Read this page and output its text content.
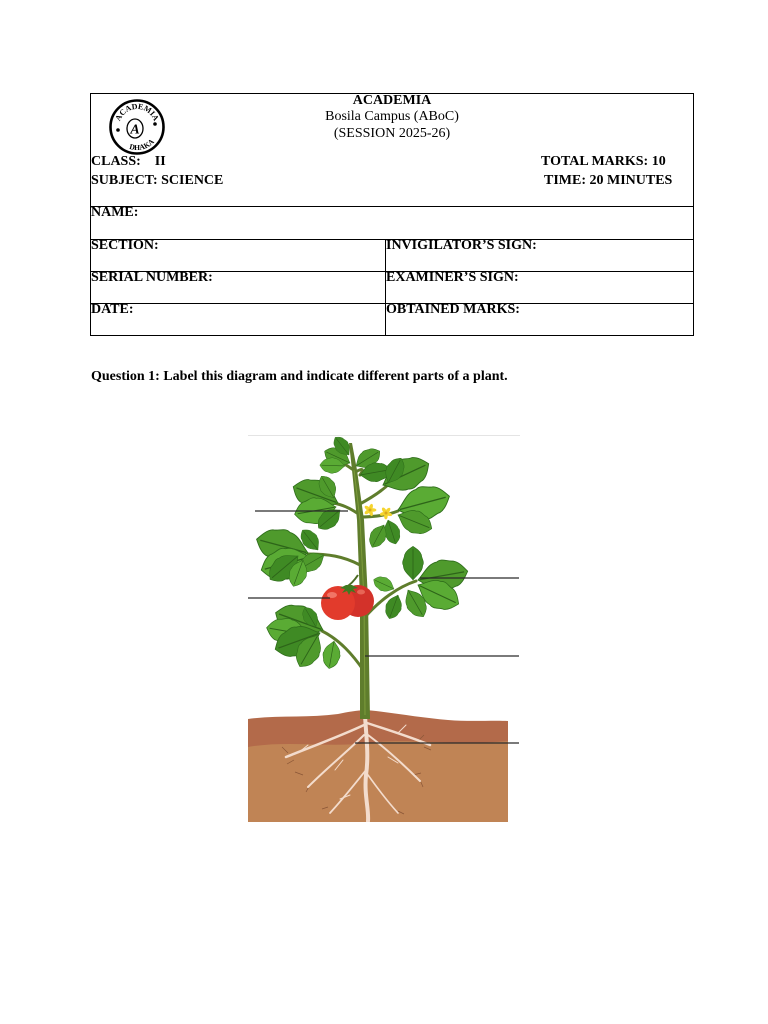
ACADEMIA
DHAKA
A
ACADEMIA
Bosila Campus (ABoC)
(SESSION 2025-26)
CLASS: II	TOTAL MARKS: 10
SUBJECT: SCIENCE	TIME: 20 MINUTES
NAME:
SECTION:	INVIGILATOR’S SIGN:
SERIAL NUMBER:	EXAMINER’S SIGN:
DATE:	OBTAINED MARKS:
Question 1: Label this diagram and indicate different parts of a plant.
